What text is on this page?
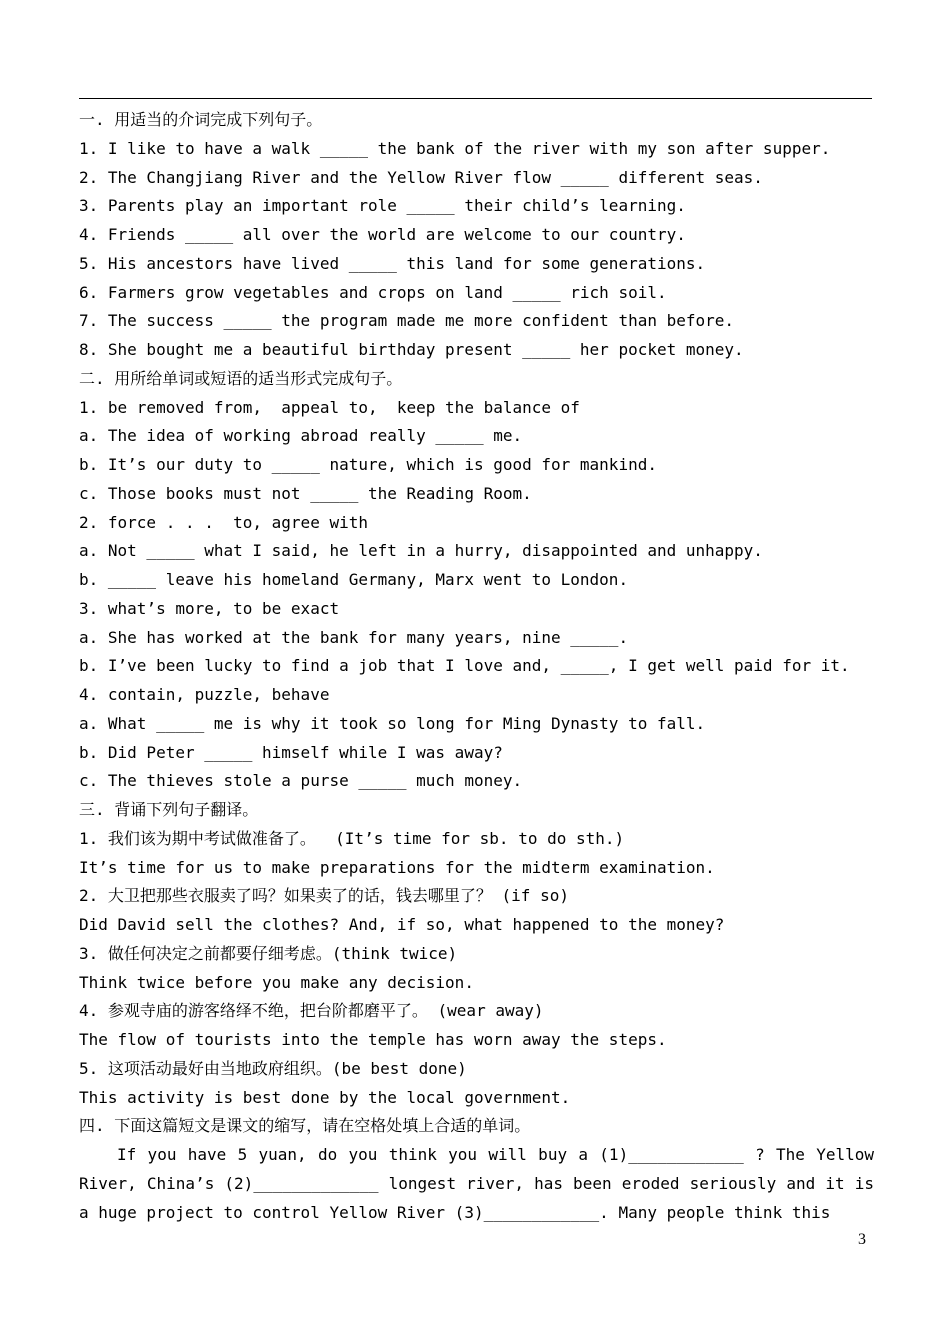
一. 用适当的介词完成下列句子。
1. I like to have a walk _____ the bank of the river with my son after supper.
2. The Changjiang River and the Yellow River flow _____ different seas.
3. Parents play an important role _____ their child’s learning.
4. Friends _____ all over the world are welcome to our country.
5. His ancestors have lived _____ this land for some generations.
6. Farmers grow vegetables and crops on land _____ rich soil.
7. The success _____ the program made me more confident than before.
8. She bought me a beautiful birthday present _____ her pocket money.
二. 用所给单词或短语的适当形式完成句子。
1. be removed from,  appeal to,  keep the balance of
a. The idea of working abroad really _____ me.
b. It’s our duty to _____ nature, which is good for mankind.
c. Those books must not _____ the Reading Room.
2. force . . .  to, agree with
a. Not _____ what I said, he left in a hurry, disappointed and unhappy.
b. _____ leave his homeland Germany, Marx went to London.
3. what’s more, to be exact
a. She has worked at the bank for many years, nine _____.
b. I’ve been lucky to find a job that I love and, _____, I get well paid for it.
4. contain, puzzle, behave
a. What _____ me is why it took so long for Ming Dynasty to fall.
b. Did Peter _____ himself while I was away?
c. The thieves stole a purse _____ much money.
三. 背诵下列句子翻译。
1. 我们该为期中考试做准备了。  (It’s time for sb. to do sth.)
It’s time for us to make preparations for the midterm examination.
2. 大卫把那些衣服卖了吗？如果卖了的话，钱去哪里了？ (if so)
Did David sell the clothes? And, if so, what happened to the money?
3. 做任何决定之前都要仔细考虑。(think twice)
Think twice before you make any decision.
4. 参观寺庙的游客络绎不绝，把台阶都磨平了。 (wear away)
The flow of tourists into the temple has worn away the steps.
5. 这项活动最好由当地政府组织。(be best done)
This activity is best done by the local government.
四. 下面这篇短文是课文的缩写，请在空格处填上合适的单词。
If you have 5 yuan, do you think you will buy a (1)____________ ? The Yellow River, China’s (2)_____________ longest river, has been eroded seriously and it is a huge project to control Yellow River (3)____________. Many people think this
3
